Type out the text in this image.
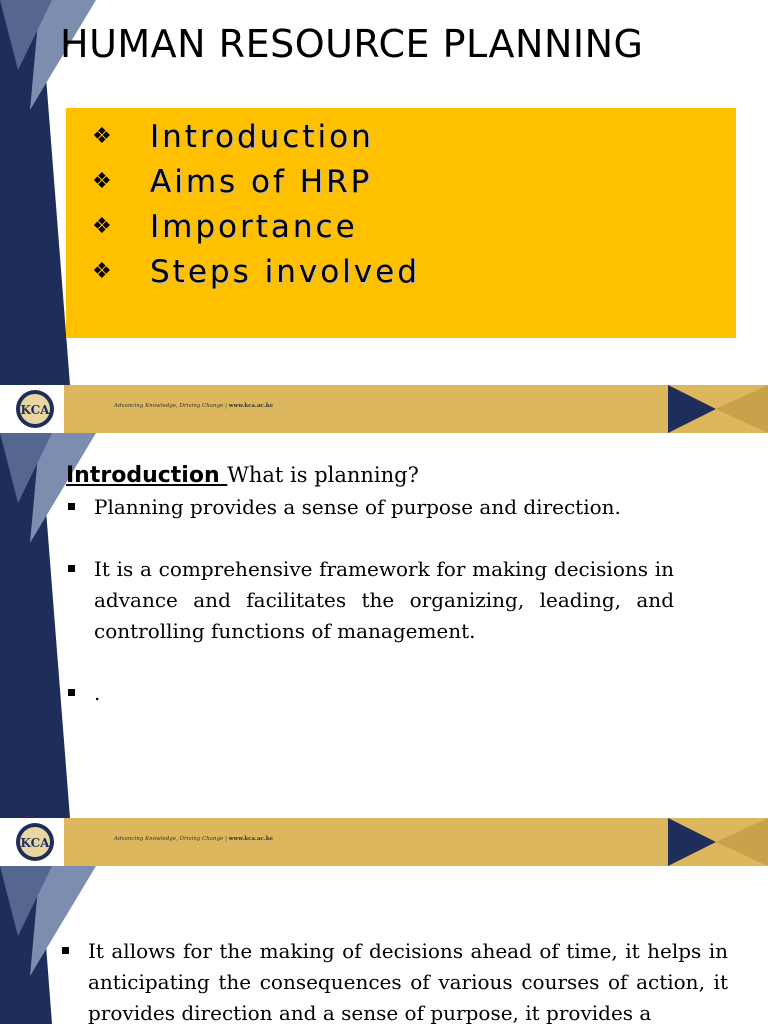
HUMAN RESOURCE PLANNING
❖	Introduction
❖	Aims of HRP
❖	Importance
❖	Steps involved
KCA	Advancing Knowledge, Driving Change | www.kca.ac.ke
Introduction What is planning?
Planning provides a sense of purpose and direction.
It is a comprehensive framework for making decisions in advance and facilitates the organizing, leading, and controlling functions of management.
.
KCA	Advancing Knowledge, Driving Change | www.kca.ac.ke
It allows for the making of decisions ahead of time, it helps in anticipating the consequences of various courses of action, it provides direction and a sense of purpose, it provides a
